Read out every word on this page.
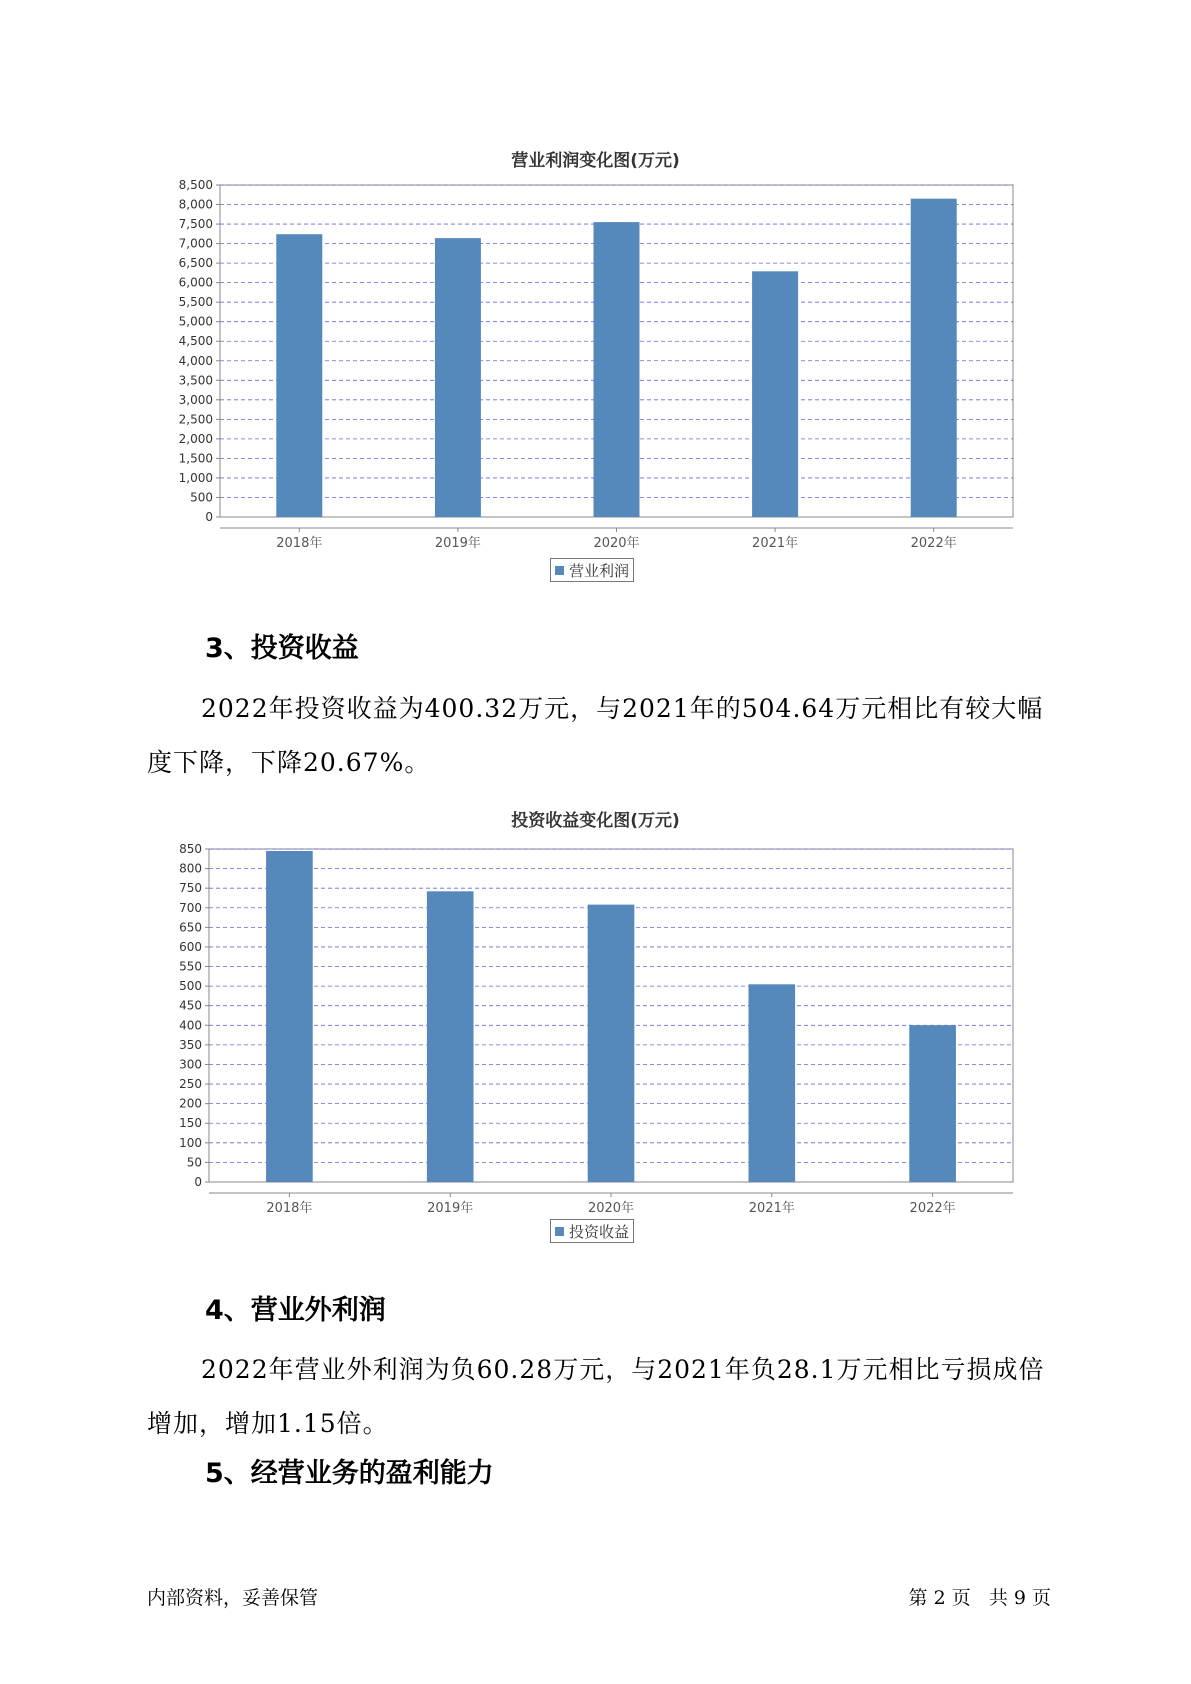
营业利润变化图(万元)
0
500
1,000
1,500
2,000
2,500
3,000
3,500
4,000
4,500
5,000
5,500
6,000
6,500
7,000
7,500
8,000
8,500
2018年	2019年	2020年	2021年	2022年
营业利润
3、投资收益

2022年投资收益为400.32万元，与2021年的504.64万元相比有较大幅度下降，下降20.67%。

投资收益变化图(万元)
0
50
100
150
200
250
300
350
400
450
500
550
600
650
700
750
800
850
2018年	2019年	2020年	2021年	2022年
投资收益
4、营业外利润

2022年营业外利润为负60.28万元，与2021年负28.1万元相比亏损成倍增加，增加1.15倍。

5、经营业务的盈利能力
内部资料，妥善保管	第 2 页   共 9 页
